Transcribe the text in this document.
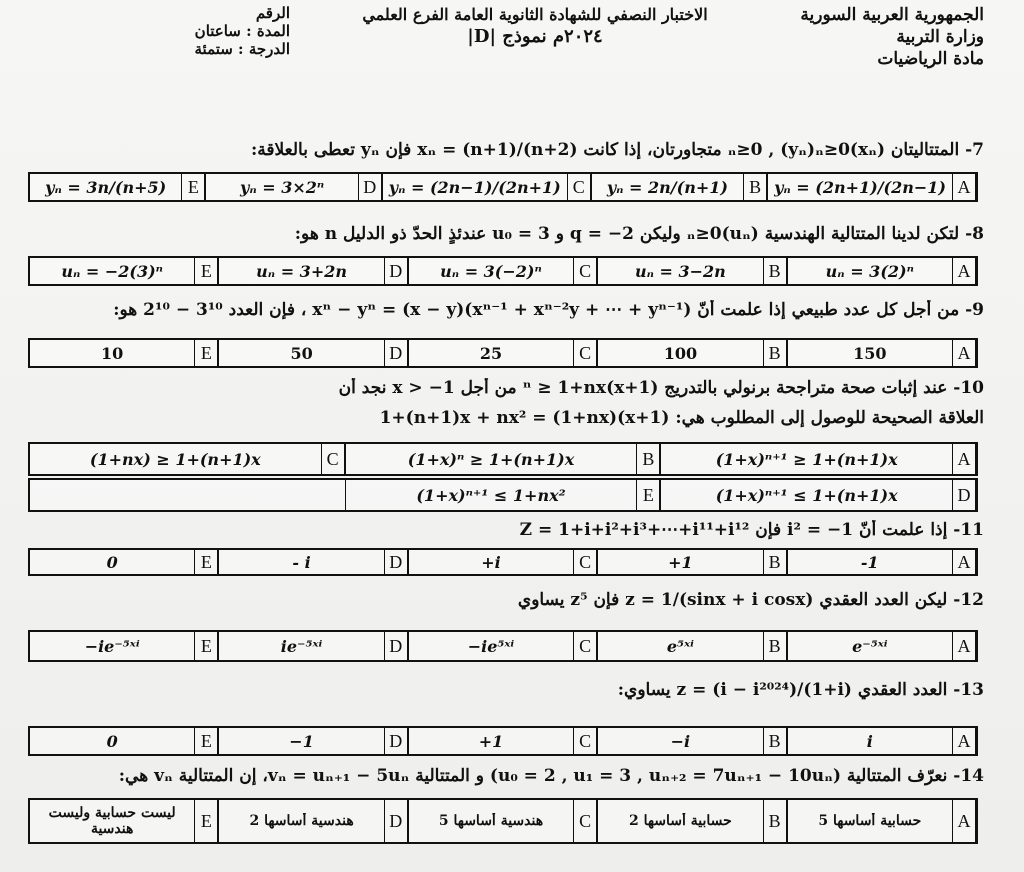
الجمهورية العربية السورية
وزارة التربية
مادة الرياضيات
الاختبار النصفي للشهادة الثانوية العامة الفرع العلمي
٢٠٢٤م نموذج |D|
الرقم
المدة : ساعتان
الدرجة : ستمئة
7- المتتاليتان (xₙ)ₙ≥0 , (yₙ)ₙ≥0 متجاورتان، إذا كانت xₙ = (n+1)/(n+2) فإن yₙ تعطى بالعلاقة:
A
yₙ = (2n+1)/(2n−1)
B
yₙ = 2n/(n+1)
C
yₙ = (2n−1)/(2n+1)
D
yₙ = 3×2ⁿ
E
yₙ = 3n/(n+5)
8- لتكن لدينا المتتالية الهندسية (uₙ)ₙ≥0 وليكن q = −2 و u₀ = 3 عندئذٍ الحدّ ذو الدليل n هو:
A
uₙ = 3(2)ⁿ
B
uₙ = 3−2n
C
uₙ = 3(−2)ⁿ
D
uₙ = 3+2n
E
uₙ = −2(3)ⁿ
9- من أجل كل عدد طبيعي إذا علمت أنّ xⁿ − yⁿ = (x − y)(xⁿ⁻¹ + xⁿ⁻²y + ⋯ + yⁿ⁻¹) ، فإن العدد 3¹⁰ − 2¹⁰ هو:
A
150
B
100
C
25
D
50
E
10
10- عند إثبات صحة متراجحة برنولي بالتدريج (1+x)ⁿ ≥ 1+nx من أجل x > −1 نجد أن
العلاقة الصحيحة للوصول إلى المطلوب هي: (1+x)(1+nx) = 1+(n+1)x + nx²
A
(1+x)ⁿ⁺¹ ≥ 1+(n+1)x
B
(1+x)ⁿ ≥ 1+(n+1)x
C
(1+nx) ≥ 1+(n+1)x
D
(1+x)ⁿ⁺¹ ≤ 1+(n+1)x
E
(1+x)ⁿ⁺¹ ≤ 1+nx²
11- إذا علمت أنّ i² = −1 فإن Z = 1+i+i²+i³+⋯+i¹¹+i¹²
A
-1
B
+1
C
+i
D
- i
E
0
12- ليكن العدد العقدي z = 1/(sinx + i cosx) فإن z⁵ يساوي
A
e⁻⁵ˣⁱ
B
e⁵ˣⁱ
C
−ie⁵ˣⁱ
D
ie⁻⁵ˣⁱ
E
−ie⁻⁵ˣⁱ
13- العدد العقدي z = (i − i²⁰²⁴)/(1+i) يساوي:
A
i
B
−i
C
+1
D
−1
E
0
14- نعرّف المتتالية (u₀ = 2 , u₁ = 3 , uₙ₊₂ = 7uₙ₊₁ − 10uₙ) و المتتالية vₙ = uₙ₊₁ − 5uₙ، إن المتتالية vₙ هي:
A
حسابية أساسها 5
B
حسابية أساسها 2
C
هندسية أساسها 5
D
هندسية أساسها 2
E
ليست حسابية وليست هندسية
